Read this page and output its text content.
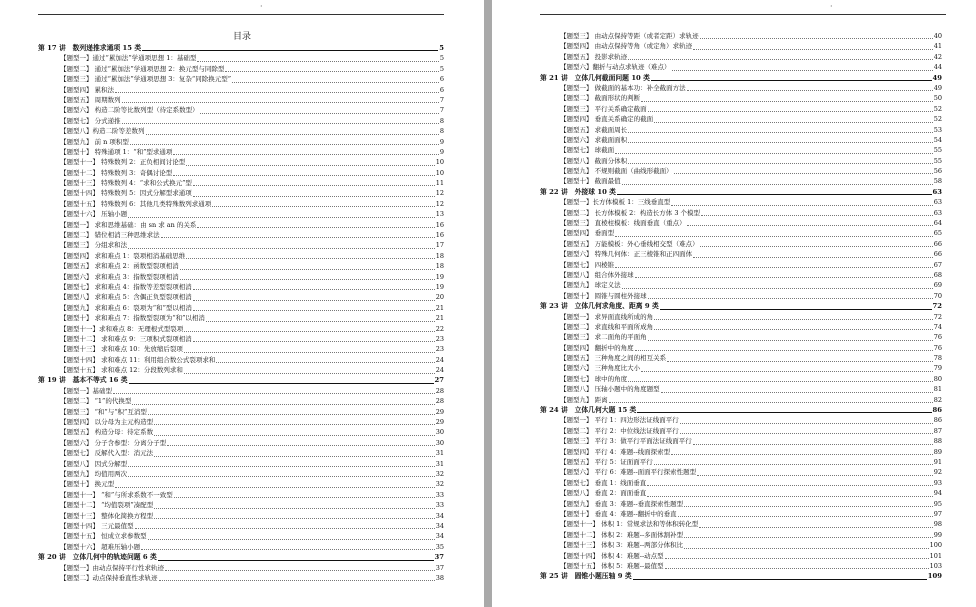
·
目录
第 17 讲　数列递推求通项 15 类	5
【题型一】通过“累加法”学通项思想 1：基础型	5
【题型二】 通过“累加法”学通项思想 2：换元型与同除型	5
【题型三】 通过“累加法”学通项思想 3：复杂“同除换元型”	6
【题型四】 累积法	6
【题型五】 周期数列	7
【题型六】 构造二阶等比数列型（待定系数型）	7
【题型七】 分式递推	8
【题型八】构造二阶等差数列	8
【题型九】 前 n 项积型	9
【题型十】 特殊通项 1：“和”型求通项	9
【题型十一】 特殊数列 2：正负相间讨论型	10
【题型十二】 特殊数列 3：奇偶讨论型	10
【题型十三】 特殊数列 4：“求和公式换元”型	11
【题型十四】 特殊数列 5：因式分解型求通项	12
【题型十五】 特殊数列 6：其他几类特殊数列求通项	12
【题型十六】 压轴小题	13
【题型一】 求和思维基础：由 sn 求 an 的关系	16
【题型二】 错位相消三种思维求法	16
【题型三】 分组求和法	17
【题型四】 求和难点 1：裂项相消基础思维	18
【题型五】 求和难点 2：函数型裂项相消	18
【题型六】 求和难点 3：指数型裂项相消	19
【题型七】 求和难点 4：指数等差型裂项相消	19
【题型八】 求和难点 5：含偶正负型裂项相消	20
【题型九】 求和难点 6：裂项为“和”型以相消	21
【题型十】 求和难点 7：指数型裂项为“和”以相消	21
【题型十一】求和难点 8：无理根式型裂项	22
【题型十二】 求和难点 9：三项积式裂项相消	23
【题型十三】 求和难点 10：先放缩后裂项	23
【题型十四】 求和难点 11：利用组合数公式裂项求和	24
【题型十五】 求和难点 12：分段数列求和	24
第 19 讲　基本不等式 16 类	27
【题型一】基础型	28
【题型二】 “1”的代换型	28
【题型三】 “和”与“积”互消型	29
【题型四】 以分母为主元构造型	29
【题型五】 构造分母：待定系数	30
【题型六】 分子含参型：分离分子型	30
【题型七】 反解代入型：消元法	31
【题型八】 因式分解型	31
【题型九】 均值用两次	32
【题型十】 换元型	32
【题型十一】 “和”与所求系数不一致型	33
【题型十二】 “均值裂项”凑配型	33
【题型十三】 整体化简换方程型	34
【题型十四】 三元最值型	34
【题型十五】 恒成立求参数型	34
【题型十六】 超难压轴小题	35
第 20 讲　立体几何中的轨迹问题 6 类	37
【题型一】由动点保持平行性求轨迹	37
【题型二】动点保持垂直性求轨迹	38
·
【题型三】 由动点保持等距（或者定距）求轨迹	40
【题型四】 由动点保持等角（或定角）求轨迹	41
【题型五】 投影求轨迹	42
【题型六】翻折与动点求轨迹（难点）	44
第 21 讲　立体几何截面问题 10 类	49
【题型一】 做截面的基本功：补全截面方法	49
【题型二】 截面形状的判断	50
【题型三】 平行关系确定截面	52
【题型四】 垂直关系确定的截面	52
【题型五】 求截面周长	53
【题型六】 求截面面积	54
【题型七】 球截面	55
【题型八】 截面分体积	55
【题型九】 不规则截面（曲线形截面）	56
【题型十】 截面最值	58
第 22 讲　外接球 10 类	63
【题型一】长方体模板 1：三线垂直型	63
【题型二】 长方体模板 2：构造长方体 3 个模型	63
【题型三】 直棱柱模板：线面垂直（重点）	64
【题型四】 垂面型	65
【题型五】 万能模板：外心垂线相交型（难点）	66
【题型六】 特殊几何体：正三棱锥和正四面体	66
【题型七】 四棱锥	67
【题型八】 组合体外接球	68
【题型九】 球定义法	69
【题型十】 圆锥与圆柱外接球	70
第 23 讲　立体几何求角度、距离 9 类	72
【题型一】 求异面直线所成的角	72
【题型二】 求直线和平面所成角	74
【题型三】 求二面角的平面角	76
【题型四】 翻折中的角度	76
【题型五】 三种角度之间的相互关系	78
【题型六】 三种角度比大小	79
【题型七】 球中的角度	80
【题型八】 压轴小题中的角度题型	81
【题型九】 距离	82
第 24 讲　立体几何大题 15 类	86
【题型一】 平行 1：四边形法证线面平行	86
【题型二】 平行 2：中位线法证线面平行	87
【题型三】 平行 3：做平行平面法证线面平行	88
【题型四】 平行 4：难题--线面探索型	89
【题型五】 平行 5：证面面平行	91
【题型六】 平行 6：难题--面面平行探索性题型	92
【题型七】 垂直 1：线面垂直	93
【题型八】 垂直 2：面面垂直	94
【题型九】 垂直 3：难题--垂直探索性题型	95
【题型十】 垂直 4：难题--翻折中的垂直	97
【题型十一】 体积 1：常规求法和等体积转化型	98
【题型十二】 体积 2：难题--多面体割补型	99
【题型十三】 体积 3：难题--两部分体积比	100
【题型十四】 体积 4：难题--动点型	101
【题型十五】 体积 5：难题--最值型	103
第 25 讲　圆锥小题压轴 9 类	109
